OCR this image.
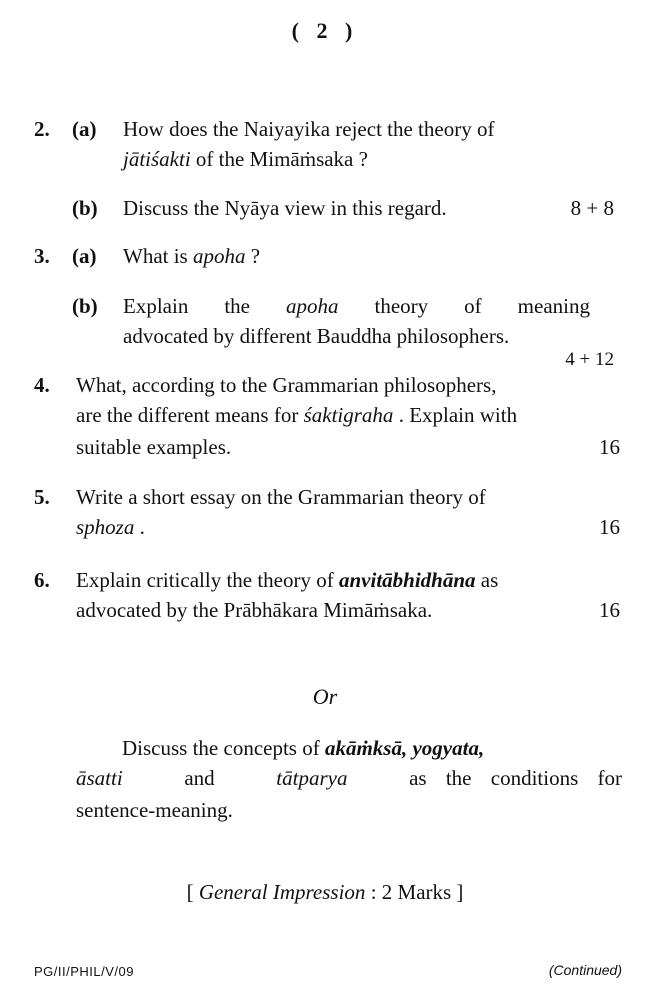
( 2 )
2. (a) How does the Naiyayika reject the theory of
jātiśakti of the Mimāṁsaka ?
(b) Discuss the Nyāya view in this regard.	8 + 8
3. (a) What is apoha ?
(b) Explain the apoha theory of meaning
advocated by different Bauddha philosophers.
4 + 12
4. What, according to the Grammarian philosophers,
are the different means for śaktigraha . Explain with
suitable examples.	16
5. Write a short essay on the Grammarian theory of
sphoza .	16
6. Explain critically the theory of anvitābhidhāna as
advocated by the Prābhākara Mimāṁsaka.	16
Or
Discuss the concepts of akāṁksā, yogyata,
āsatti	and	tātparya	as the conditions for
sentence-meaning.
[ General Impression : 2 Marks ]
PG/II/PHIL/V/09	(Continued)
